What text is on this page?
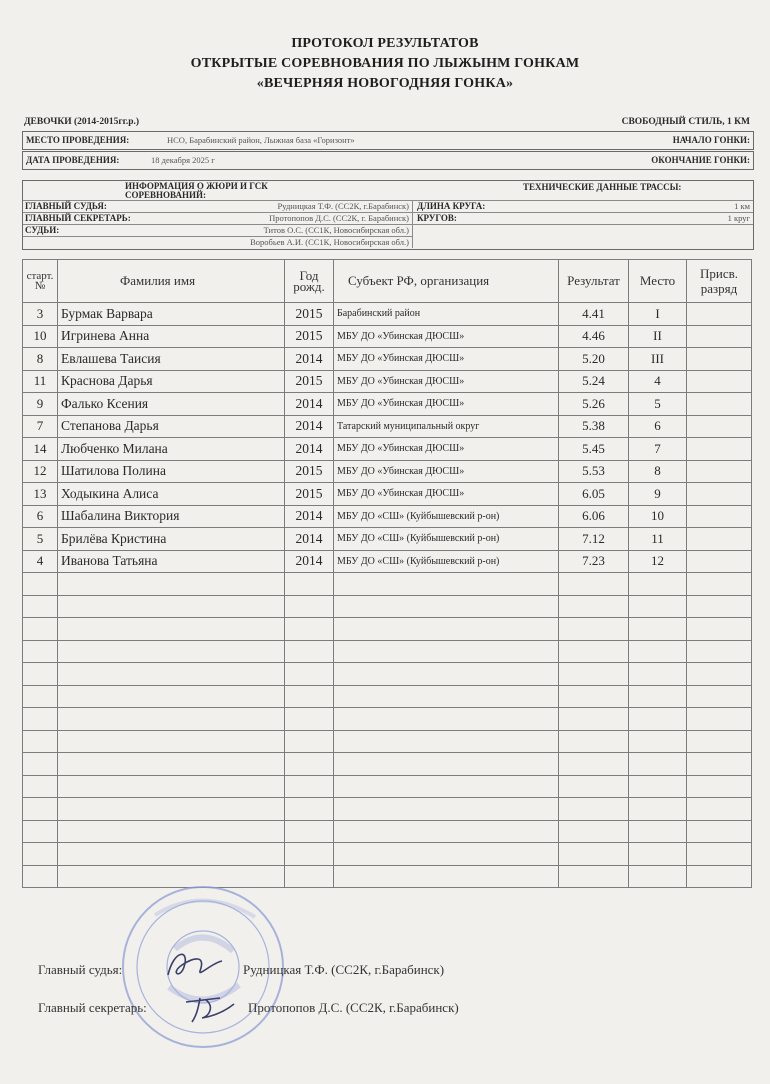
ПРОТОКОЛ РЕЗУЛЬТАТОВ
ОТКРЫТЫЕ СОРЕВНОВАНИЯ ПО ЛЫЖЫНМ ГОНКАМ
«ВЕЧЕРНЯЯ НОВОГОДНЯЯ ГОНКА»
ДЕВОЧКИ (2014-2015гг.р.)	СВОБОДНЫЙ СТИЛЬ, 1 КМ
МЕСТО ПРОВЕДЕНИЯ:	НСО, Барабинский район, Лыжная база «Горизонт»	НАЧАЛО ГОНКИ:
ДАТА ПРОВЕДЕНИЯ:	18 декабря 2025 г	ОКОНЧАНИЕ ГОНКИ:
ИНФОРМАЦИЯ О ЖЮРИ И ГСК
СОРЕВНОВАНИЙ:
ТЕХНИЧЕСКИЕ ДАННЫЕ ТРАССЫ:
ГЛАВНЫЙ СУДЬЯ:	Рудницкая Т.Ф. (СС2К, г.Барабинск)
ГЛАВНЫЙ СЕКРЕТАРЬ:	Протопопов Д.С. (СС2К, г. Барабинск)
СУДЬИ:	Титов О.С. (СС1К, Новосибирская обл.)
Воробьев А.И. (СС1К, Новосибирская обл.)
ДЛИНА КРУГА:	1 км
КРУГОВ:	1 круг
старт. №	Фамилия имя	Год рожд.	Субъект РФ, организация	Результат	Место	Присв. разряд
3	Бурмак Варвара	2015	Барабинский район	4.41	I	
10	Игринева Анна	2015	МБУ ДО «Убинская ДЮСШ»	4.46	II	
8	Евлашева Таисия	2014	МБУ ДО «Убинская ДЮСШ»	5.20	III	
11	Краснова Дарья	2015	МБУ ДО «Убинская ДЮСШ»	5.24	4	
9	Фалько Ксения	2014	МБУ ДО «Убинская ДЮСШ»	5.26	5	
7	Степанова Дарья	2014	Татарский муниципальный округ	5.38	6	
14	Любченко Милана	2014	МБУ ДО «Убинская ДЮСШ»	5.45	7	
12	Шатилова Полина	2015	МБУ ДО «Убинская ДЮСШ»	5.53	8	
13	Ходыкина Алиса	2015	МБУ ДО «Убинская ДЮСШ»	6.05	9	
6	Шабалина Виктория	2014	МБУ ДО «СШ» (Куйбышевский р-он)	6.06	10	
5	Брилёва Кристина	2014	МБУ ДО «СШ» (Куйбышевский р-он)	7.12	11	
4	Иванова Татьяна	2014	МБУ ДО «СШ» (Куйбышевский р-он)	7.23	12	

Главный судья:	Рудницкая Т.Ф. (СС2К, г.Барабинск)
Главный секретарь:	Протопопов Д.С. (СС2К, г.Барабинск)
